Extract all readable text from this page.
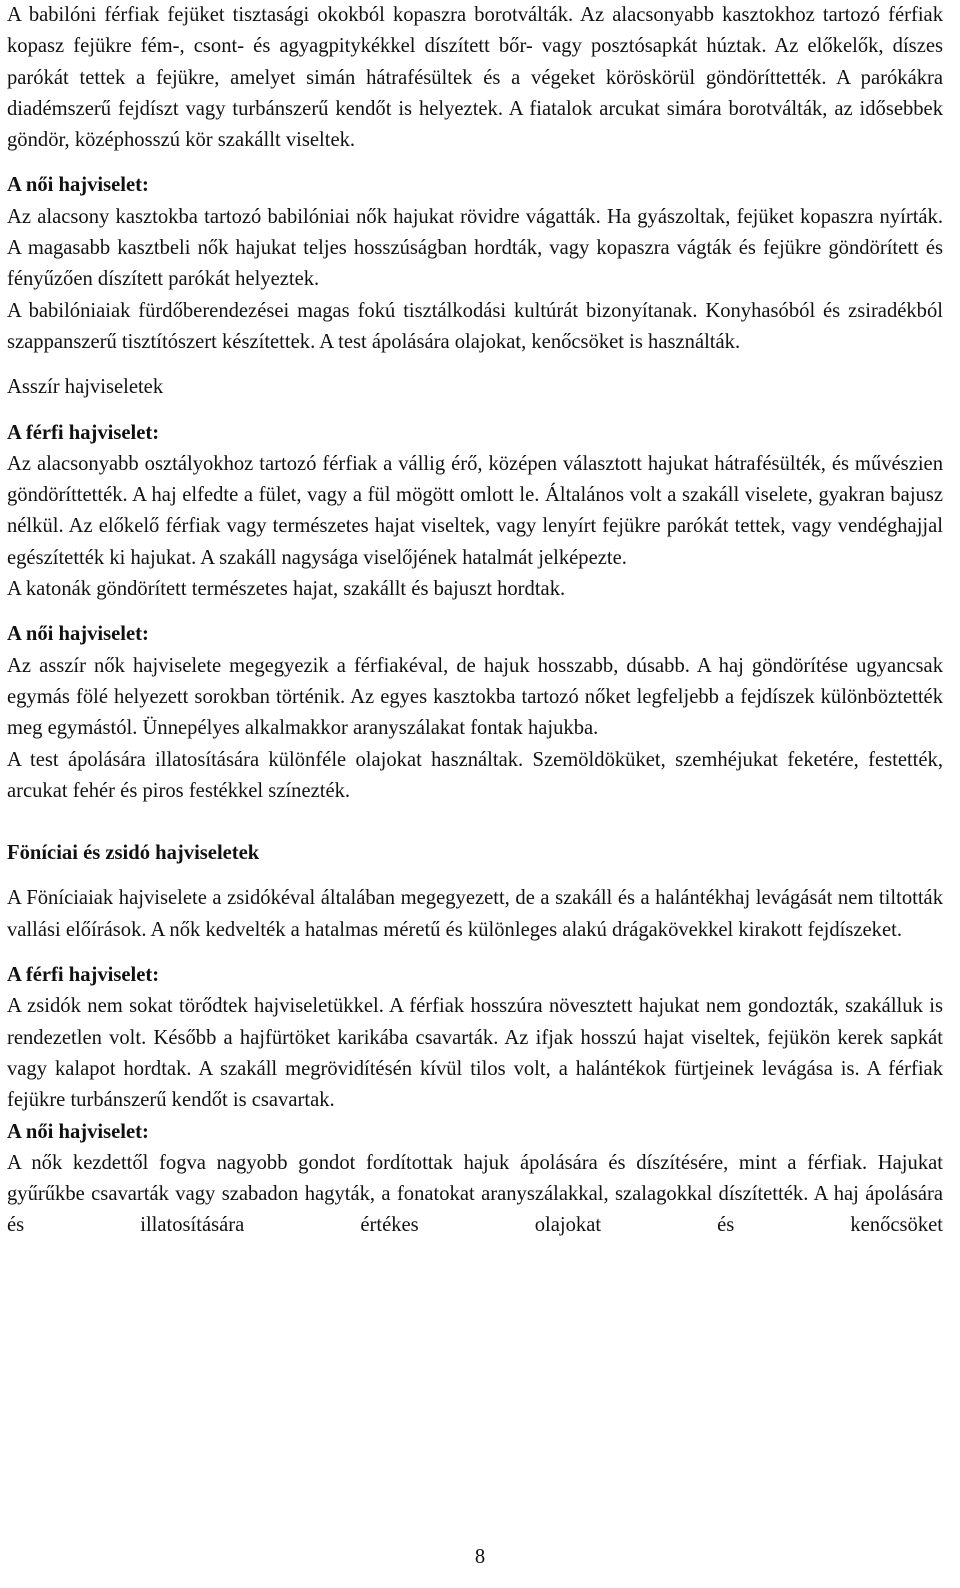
A babilóni férfiak fejüket tisztasági okokból kopaszra borotválták. Az alacsonyabb kasztokhoz tartozó férfiak kopasz fejükre fém-, csont- és agyagpitykékkel díszített bőr- vagy posztósapkát húztak. Az előkelők, díszes parókát tettek a fejükre, amelyet simán hátrafésültek és a végeket köröskörül göndöríttették. A parókákra diadémszerű fejdíszt vagy turbánszerű kendőt is helyeztek. A fiatalok arcukat simára borotválták, az idősebbek göndör, középhosszú kör szakállt viseltek.

A női hajviselet:

Az alacsony kasztokba tartozó babilóniai nők hajukat rövidre vágatták. Ha gyászoltak, fejüket kopaszra nyírták. A magasabb kasztbeli nők hajukat teljes hosszúságban hordták, vagy kopaszra vágták és fejükre göndörített és fényűzően díszített parókát helyeztek.

A babilóniaiak fürdőberendezései magas fokú tisztálkodási kultúrát bizonyítanak. Konyhasóból és zsiradékból szappanszerű tisztítószert készítettek. A test ápolására olajokat, kenőcsöket is használták.

Asszír hajviseletek

A férfi hajviselet:

Az alacsonyabb osztályokhoz tartozó férfiak a vállig érő, középen választott hajukat hátrafésülték, és művészien göndöríttették. A haj elfedte a fület, vagy a fül mögött omlott le. Általános volt a szakáll viselete, gyakran bajusz nélkül. Az előkelő férfiak vagy természetes hajat viseltek, vagy lenyírt fejükre parókát tettek, vagy vendéghajjal egészítették ki hajukat. A szakáll nagysága viselőjének hatalmát jelképezte.

A katonák göndörített természetes hajat, szakállt és bajuszt hordtak.

A női hajviselet:

Az asszír nők hajviselete megegyezik a férfiakéval, de hajuk hosszabb, dúsabb. A haj göndörítése ugyancsak egymás fölé helyezett sorokban történik. Az egyes kasztokba tartozó nőket legfeljebb a fejdíszek különböztették meg egymástól. Ünnepélyes alkalmakkor aranyszálakat fontak hajukba.

A test ápolására illatosítására különféle olajokat használtak. Szemöldöküket, szemhéjukat feketére, festették, arcukat fehér és piros festékkel színezték.

Föníciai és zsidó hajviseletek

A Föníciaiak hajviselete a zsidókéval általában megegyezett, de a szakáll és a halántékhaj levágását nem tiltották vallási előírások. A nők kedvelték a hatalmas méretű és különleges alakú drágakövekkel kirakott fejdíszeket.

A férfi hajviselet:

A zsidók nem sokat törődtek hajviseletükkel. A férfiak hosszúra növesztett hajukat nem gondozták, szakálluk is rendezetlen volt. Később a hajfürtöket karikába csavarták. Az ifjak hosszú hajat viseltek, fejükön kerek sapkát vagy kalapot hordtak. A szakáll megrövidítésén kívül tilos volt, a halántékok fürtjeinek levágása is. A férfiak fejükre turbánszerű kendőt is csavartak.

A női hajviselet:

A nők kezdettől fogva nagyobb gondot fordítottak hajuk ápolására és díszítésére, mint a férfiak. Hajukat gyűrűkbe csavarták vagy szabadon hagyták, a fonatokat aranyszálakkal, szalagokkal díszítették. A haj ápolására és illatosítására értékes olajokat és kenőcsöket

8
